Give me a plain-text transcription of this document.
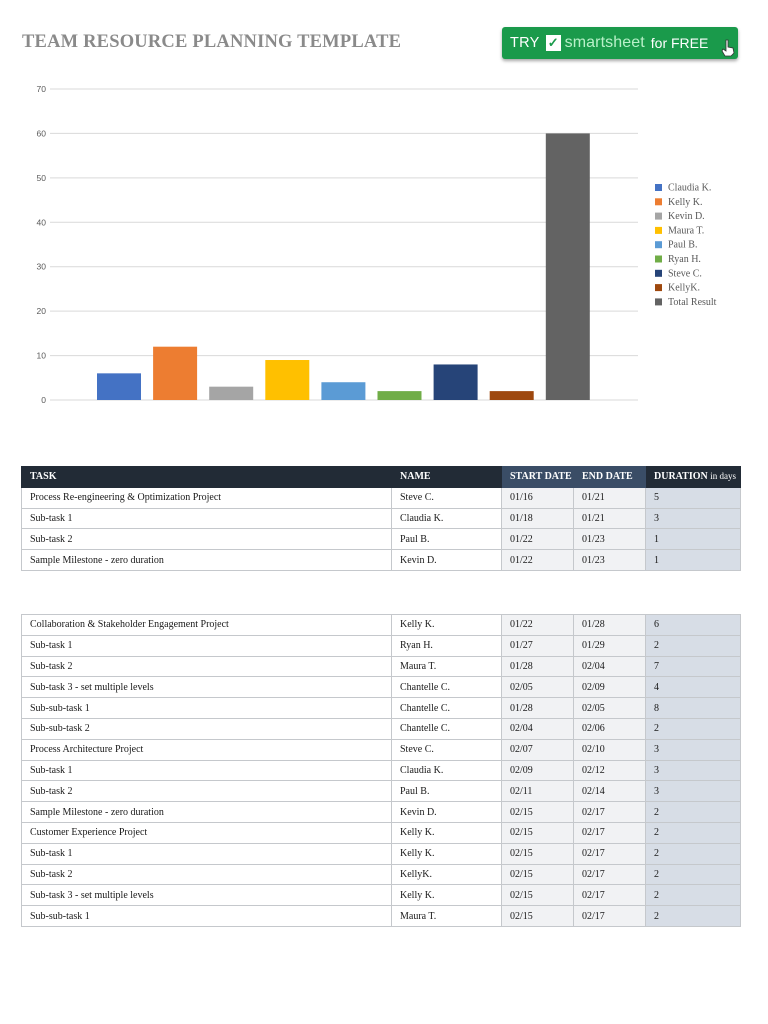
TEAM RESOURCE PLANNING TEMPLATE	TRY ✓ smartsheet for FREE
0
10
20
30
40
50
60
70
Claudia K.
Kelly K.
Kevin D.
Maura T.
Paul B.
Ryan H.
Steve C.
KellyK.
Total Result
TASK	NAME	START DATE	END DATE	DURATION in days
Process Re-engineering & Optimization Project	Steve C.	01/16	01/21	5
Sub-task 1	Claudia K.	01/18	01/21	3
Sub-task 2	Paul B.	01/22	01/23	1
Sample Milestone - zero duration	Kevin D.	01/22	01/23	1
Collaboration & Stakeholder Engagement Project	Kelly K.	01/22	01/28	6
Sub-task 1	Ryan H.	01/27	01/29	2
Sub-task 2	Maura T.	01/28	02/04	7
Sub-task 3 - set multiple levels	Chantelle C.	02/05	02/09	4
Sub-sub-task 1	Chantelle C.	01/28	02/05	8
Sub-sub-task 2	Chantelle C.	02/04	02/06	2
Process Architecture Project	Steve C.	02/07	02/10	3
Sub-task 1	Claudia K.	02/09	02/12	3
Sub-task 2	Paul B.	02/11	02/14	3
Sample Milestone - zero duration	Kevin D.	02/15	02/17	2
Customer Experience Project	Kelly K.	02/15	02/17	2
Sub-task 1	Kelly K.	02/15	02/17	2
Sub-task 2	KellyK.	02/15	02/17	2
Sub-task 3 - set multiple levels	Kelly K.	02/15	02/17	2
Sub-sub-task 1	Maura T.	02/15	02/17	2
